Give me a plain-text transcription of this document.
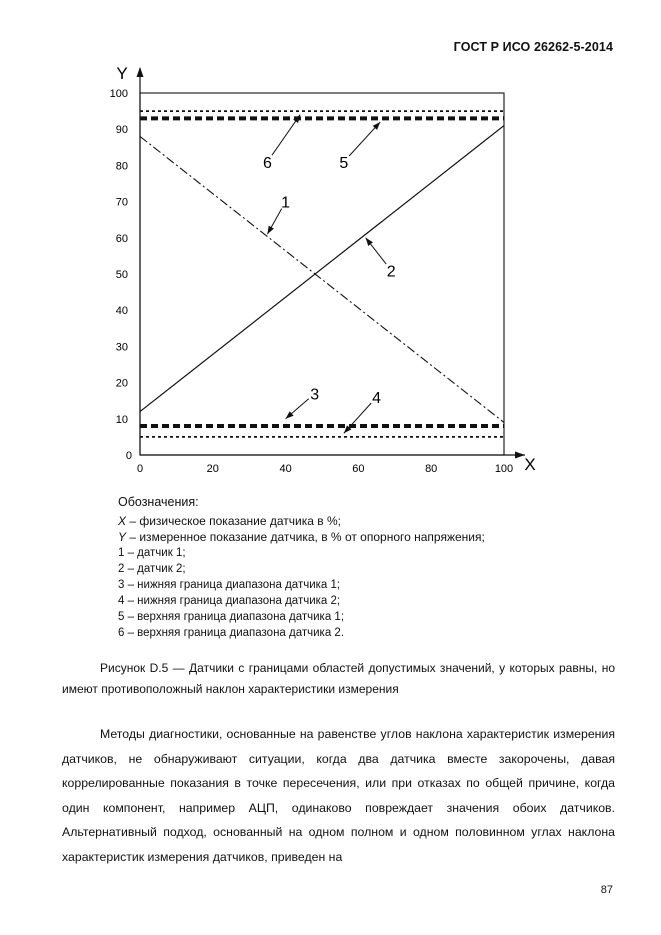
ГОСТ Р ИСО 26262-5-2014
Y
X
0
10
20
30
40
50
60
70
80
90
100
0	20	40	60	80	100
1
2
3	4
5
6
Обозначения:
X – физическое показание датчика в %;
Y – измеренное показание датчика, в % от опорного напряжения;
1 – датчик 1;
2 – датчик 2;
3 – нижняя граница диапазона датчика 1;
4 – нижняя граница диапазона датчика 2;
5 – верхняя граница диапазона датчика 1;
6 – верхняя граница диапазона датчика 2.
Рисунок D.5 — Датчики с границами областей допустимых значений, у которых равны, но имеют противоположный наклон характеристики измерения
Методы диагностики, основанные на равенстве углов наклона характеристик измерения датчиков, не обнаруживают ситуации, когда два датчика вместе закорочены, давая коррелированные показания в точке пересечения, или при отказах по общей причине, когда один компонент, например АЦП, одинаково повреждает значения обоих датчиков. Альтернативный подход, основанный на одном полном и одном половинном углах наклона характеристик измерения датчиков, приведен на
87
